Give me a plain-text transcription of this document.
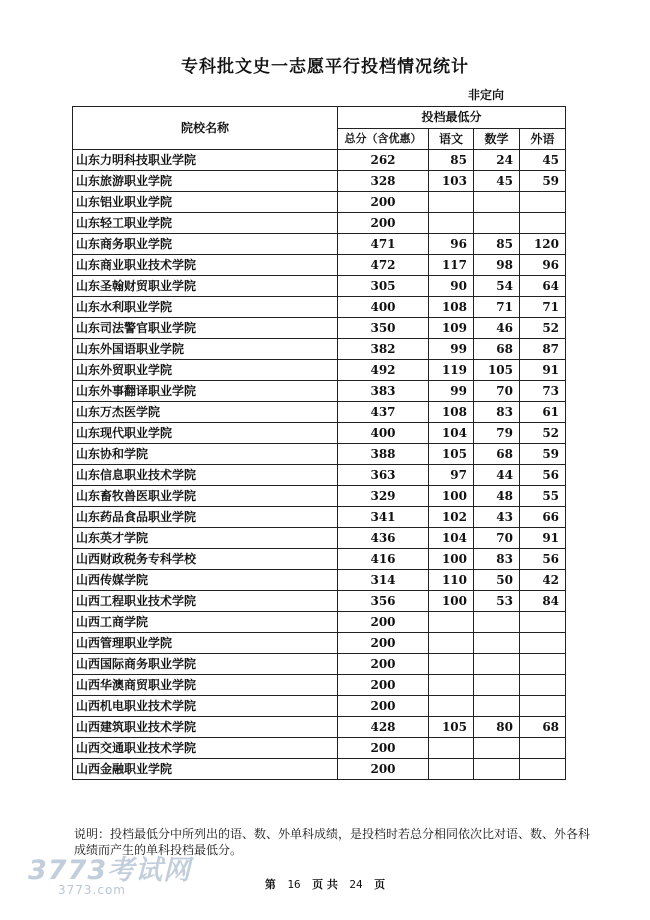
专科批文史一志愿平行投档情况统计
非定向
院校名称	投档最低分			
	总分（含优惠）	语文	数学	外语
山东力明科技职业学院	262	85	24	45
山东旅游职业学院	328	103	45	59
山东铝业职业学院	200			
山东轻工职业学院	200			
山东商务职业学院	471	96	85	120
山东商业职业技术学院	472	117	98	96
山东圣翰财贸职业学院	305	90	54	64
山东水利职业学院	400	108	71	71
山东司法警官职业学院	350	109	46	52
山东外国语职业学院	382	99	68	87
山东外贸职业学院	492	119	105	91
山东外事翻译职业学院	383	99	70	73
山东万杰医学院	437	108	83	61
山东现代职业学院	400	104	79	52
山东协和学院	388	105	68	59
山东信息职业技术学院	363	97	44	56
山东畜牧兽医职业学院	329	100	48	55
山东药品食品职业学院	341	102	43	66
山东英才学院	436	104	70	91
山西财政税务专科学校	416	100	83	56
山西传媒学院	314	110	50	42
山西工程职业技术学院	356	100	53	84
山西工商学院	200			
山西管理职业学院	200			
山西国际商务职业学院	200			
山西华澳商贸职业学院	200			
山西机电职业技术学院	200			
山西建筑职业技术学院	428	105	80	68
山西交通职业技术学院	200			
山西金融职业学院	200			
说明：投档最低分中所列出的语、数、外单科成绩，是投档时若总分相同依次比对语、数、外各科成绩而产生的单科投档最低分。
3773考试网
3773.com	第 16 页 共 24 页
